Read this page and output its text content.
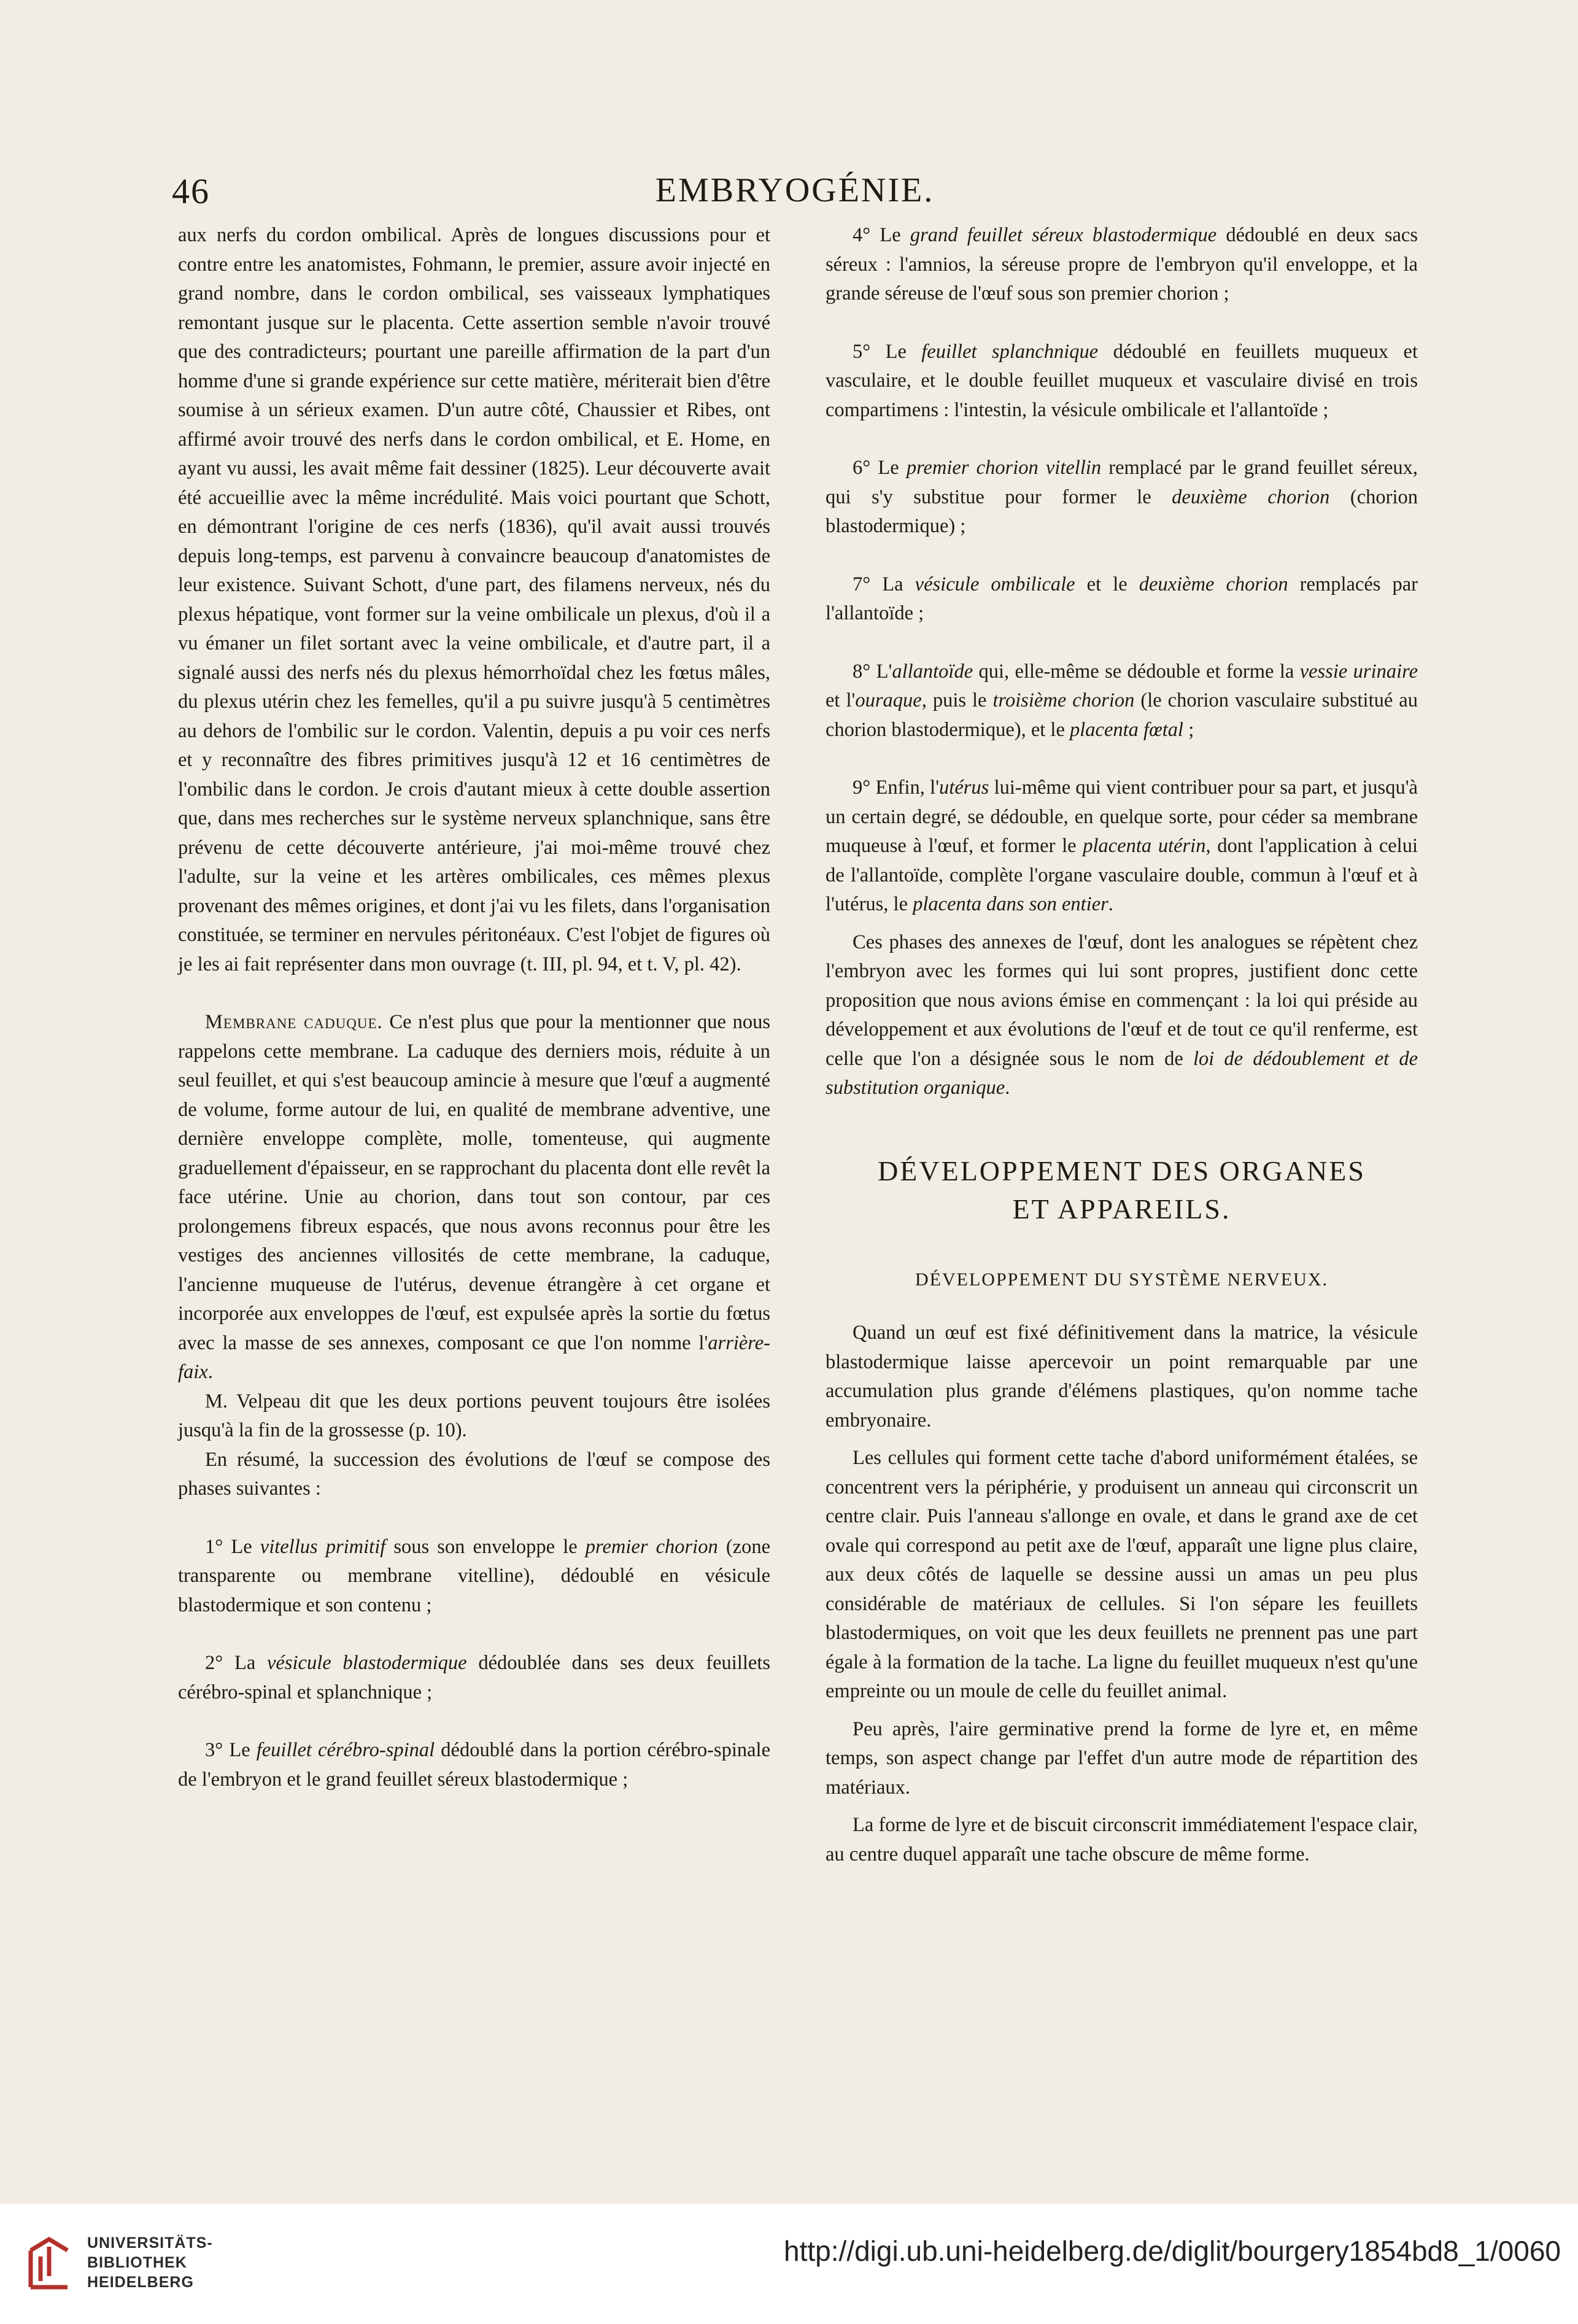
46	EMBRYOGÉNIE.

aux nerfs du cordon ombilical. Après de longues discussions pour et contre entre les anatomistes, Fohmann, le premier, assure avoir injecté en grand nombre, dans le cordon ombilical, ses vaisseaux lymphatiques remontant jusque sur le placenta. Cette assertion semble n'avoir trouvé que des contradicteurs; pourtant une pareille affirmation de la part d'un homme d'une si grande expérience sur cette matière, mériterait bien d'être soumise à un sérieux examen. D'un autre côté, Chaussier et Ribes, ont affirmé avoir trouvé des nerfs dans le cordon ombilical, et E. Home, en ayant vu aussi, les avait même fait dessiner (1825). Leur découverte avait été accueillie avec la même incrédulité. Mais voici pourtant que Schott, en démontrant l'origine de ces nerfs (1836), qu'il avait aussi trouvés depuis long-temps, est parvenu à convaincre beaucoup d'anatomistes de leur existence. Suivant Schott, d'une part, des filamens nerveux, nés du plexus hépatique, vont former sur la veine ombilicale un plexus, d'où il a vu émaner un filet sortant avec la veine ombilicale, et d'autre part, il a signalé aussi des nerfs nés du plexus hémorrhoïdal chez les fœtus mâles, du plexus utérin chez les femelles, qu'il a pu suivre jusqu'à 5 centimètres au dehors de l'ombilic sur le cordon. Valentin, depuis a pu voir ces nerfs et y reconnaître des fibres primitives jusqu'à 12 et 16 centimètres de l'ombilic dans le cordon. Je crois d'autant mieux à cette double assertion que, dans mes recherches sur le système nerveux splanchnique, sans être prévenu de cette découverte antérieure, j'ai moi-même trouvé chez l'adulte, sur la veine et les artères ombilicales, ces mêmes plexus provenant des mêmes origines, et dont j'ai vu les filets, dans l'organisation constituée, se terminer en nervules péritonéaux. C'est l'objet de figures où je les ai fait représenter dans mon ouvrage (t. III, pl. 94, et t. V, pl. 42).

Membrane caduque. Ce n'est plus que pour la mentionner que nous rappelons cette membrane. La caduque des derniers mois, réduite à un seul feuillet, et qui s'est beaucoup amincie à mesure que l'œuf a augmenté de volume, forme autour de lui, en qualité de membrane adventive, une dernière enveloppe complète, molle, tomenteuse, qui augmente graduellement d'épaisseur, en se rapprochant du placenta dont elle revêt la face utérine. Unie au chorion, dans tout son contour, par ces prolongemens fibreux espacés, que nous avons reconnus pour être les vestiges des anciennes villosités de cette membrane, la caduque, l'ancienne muqueuse de l'utérus, devenue étrangère à cet organe et incorporée aux enveloppes de l'œuf, est expulsée après la sortie du fœtus avec la masse de ses annexes, composant ce que l'on nomme l'arrière-faix.

M. Velpeau dit que les deux portions peuvent toujours être isolées jusqu'à la fin de la grossesse (p. 10).

En résumé, la succession des évolutions de l'œuf se compose des phases suivantes :

1° Le vitellus primitif sous son enveloppe le premier chorion (zone transparente ou membrane vitelline), dédoublé en vésicule blastodermique et son contenu ;

2° La vésicule blastodermique dédoublée dans ses deux feuillets cérébro-spinal et splanchnique ;

3° Le feuillet cérébro-spinal dédoublé dans la portion cérébro-spinale de l'embryon et le grand feuillet séreux blastodermique ;

4° Le grand feuillet séreux blastodermique dédoublé en deux sacs séreux : l'amnios, la séreuse propre de l'embryon qu'il enveloppe, et la grande séreuse de l'œuf sous son premier chorion ;

5° Le feuillet splanchnique dédoublé en feuillets muqueux et vasculaire, et le double feuillet muqueux et vasculaire divisé en trois compartimens : l'intestin, la vésicule ombilicale et l'allantoïde ;

6° Le premier chorion vitellin remplacé par le grand feuillet séreux, qui s'y substitue pour former le deuxième chorion (chorion blastodermique) ;

7° La vésicule ombilicale et le deuxième chorion remplacés par l'allantoïde ;

8° L'allantoïde qui, elle-même se dédouble et forme la vessie urinaire et l'ouraque, puis le troisième chorion (le chorion vasculaire substitué au chorion blastodermique), et le placenta fœtal ;

9° Enfin, l'utérus lui-même qui vient contribuer pour sa part, et jusqu'à un certain degré, se dédouble, en quelque sorte, pour céder sa membrane muqueuse à l'œuf, et former le placenta utérin, dont l'application à celui de l'allantoïde, complète l'organe vasculaire double, commun à l'œuf et à l'utérus, le placenta dans son entier.

Ces phases des annexes de l'œuf, dont les analogues se répètent chez l'embryon avec les formes qui lui sont propres, justifient donc cette proposition que nous avions émise en commençant : la loi qui préside au développement et aux évolutions de l'œuf et de tout ce qu'il renferme, est celle que l'on a désignée sous le nom de loi de dédoublement et de substitution organique.

DÉVELOPPEMENT DES ORGANES
ET APPAREILS.
DÉVELOPPEMENT DU SYSTÈME NERVEUX.

Quand un œuf est fixé définitivement dans la matrice, la vésicule blastodermique laisse apercevoir un point remarquable par une accumulation plus grande d'élémens plastiques, qu'on nomme tache embryonaire.

Les cellules qui forment cette tache d'abord uniformément étalées, se concentrent vers la périphérie, y produisent un anneau qui circonscrit un centre clair. Puis l'anneau s'allonge en ovale, et dans le grand axe de cet ovale qui correspond au petit axe de l'œuf, apparaît une ligne plus claire, aux deux côtés de laquelle se dessine aussi un amas un peu plus considérable de matériaux de cellules. Si l'on sépare les feuillets blastodermiques, on voit que les deux feuillets ne prennent pas une part égale à la formation de la tache. La ligne du feuillet muqueux n'est qu'une empreinte ou un moule de celle du feuillet animal.

Peu après, l'aire germinative prend la forme de lyre et, en même temps, son aspect change par l'effet d'un autre mode de répartition des matériaux.

La forme de lyre et de biscuit circonscrit immédiatement l'espace clair, au centre duquel apparaît une tache obscure de même forme.

UNIVERSITÄTS-
BIBLIOTHEK
HEIDELBERG
http://digi.ub.uni-heidelberg.de/diglit/bourgery1854bd8_1/0060
